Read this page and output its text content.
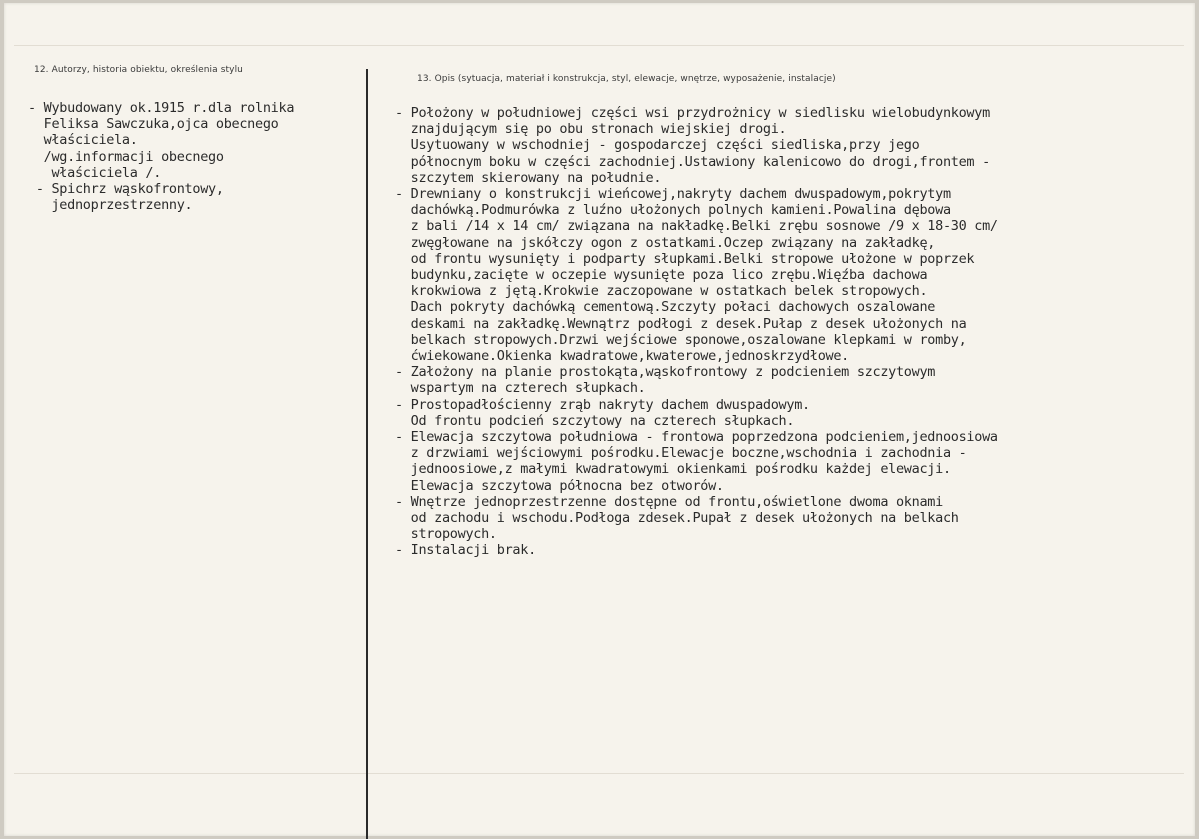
12. Autorzy, historia obiektu, określenia stylu
13. Opis (sytuacja, materiał i konstrukcja, styl, elewacje, wnętrze, wyposażenie, instalacje)
- Wybudowany ok.1915 r.dla rolnika
Feliksa Sawczuka,ojca obecnego
właściciela.
/wg.informacji obecnego
właściciela /.
- Spichrz wąskofrontowy,
jednoprzestrzenny.
- Położony w południowej części wsi przydrożnicy w siedlisku wielobudynkowym
znajdującym się po obu stronach wiejskiej drogi.
Usytuowany w wschodniej - gospodarczej części siedliska,przy jego
północnym boku w części zachodniej.Ustawiony kalenicowo do drogi,frontem -
szczytem skierowany na południe.
- Drewniany o konstrukcji wieńcowej,nakryty dachem dwuspadowym,pokrytym
dachówką.Podmurówka z luźno ułożonych polnych kamieni.Powalina dębowa
z bali /14 x 14 cm/ związana na nakładkę.Belki zrębu sosnowe /9 x 18-30 cm/
zwęgłowane na jskółczy ogon z ostatkami.Oczep związany na zakładkę,
od frontu wysunięty i podparty słupkami.Belki stropowe ułożone w poprzek
budynku,zacięte w oczepie wysunięte poza lico zrębu.Więźba dachowa
krokwiowa z jętą.Krokwie zaczopowane w ostatkach belek stropowych.
Dach pokryty dachówką cementową.Szczyty połaci dachowych oszalowane
deskami na zakładkę.Wewnątrz podłogi z desek.Pułap z desek ułożonych na
belkach stropowych.Drzwi wejściowe sponowe,oszalowane klepkami w romby,
ćwiekowane.Okienka kwadratowe,kwaterowe,jednoskrzydłowe.
- Założony na planie prostokąta,wąskofrontowy z podcieniem szczytowym
wspartym na czterech słupkach.
- Prostopadłościenny zrąb nakryty dachem dwuspadowym.
Od frontu podcień szczytowy na czterech słupkach.
- Elewacja szczytowa południowa - frontowa poprzedzona podcieniem,jednoosiowa
z drzwiami wejściowymi pośrodku.Elewacje boczne,wschodnia i zachodnia -
jednoosiowe,z małymi kwadratowymi okienkami pośrodku każdej elewacji.
Elewacja szczytowa północna bez otworów.
- Wnętrze jednoprzestrzenne dostępne od frontu,oświetlone dwoma oknami
od zachodu i wschodu.Podłoga zdesek.Pupał z desek ułożonych na belkach
stropowych.
- Instalacji brak.
